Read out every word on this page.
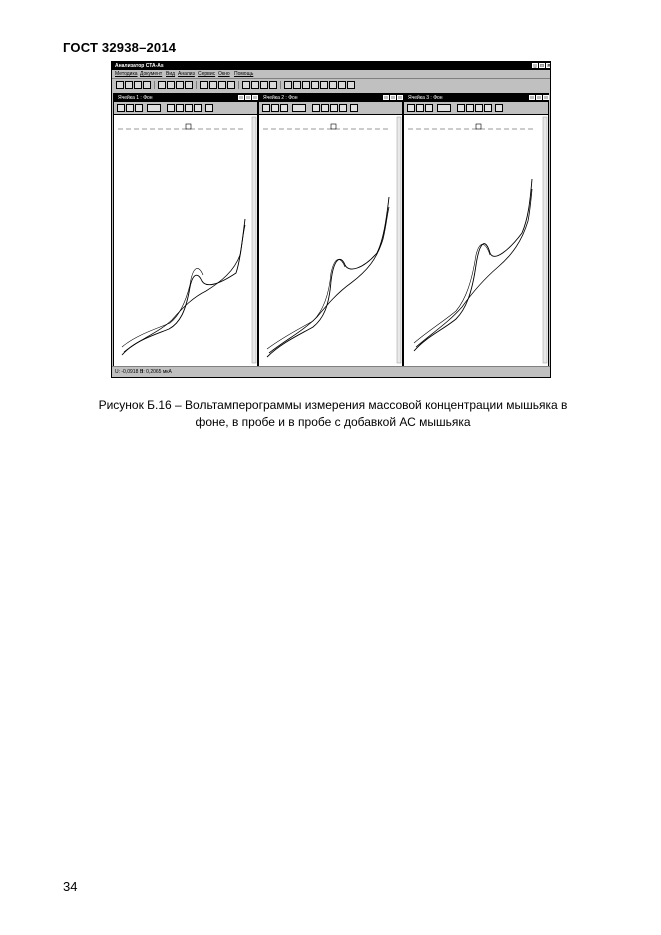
ГОСТ 32938–2014
Анализатор СТА-Аs	_ □ ×
Методика Документ Вид Анализ Сервис Окно Помощь
Ячейка 1 : Фон	Ячейка 2 : Фон	Ячейка 3 : Фон
U: -0,0918 B
I: 0,2065 мкА
Рисунок Б.16 – Вольтамперограммы измерения массовой концентрации мышьяка в
фоне, в пробе и в пробе с добавкой АС мышьяка
34
